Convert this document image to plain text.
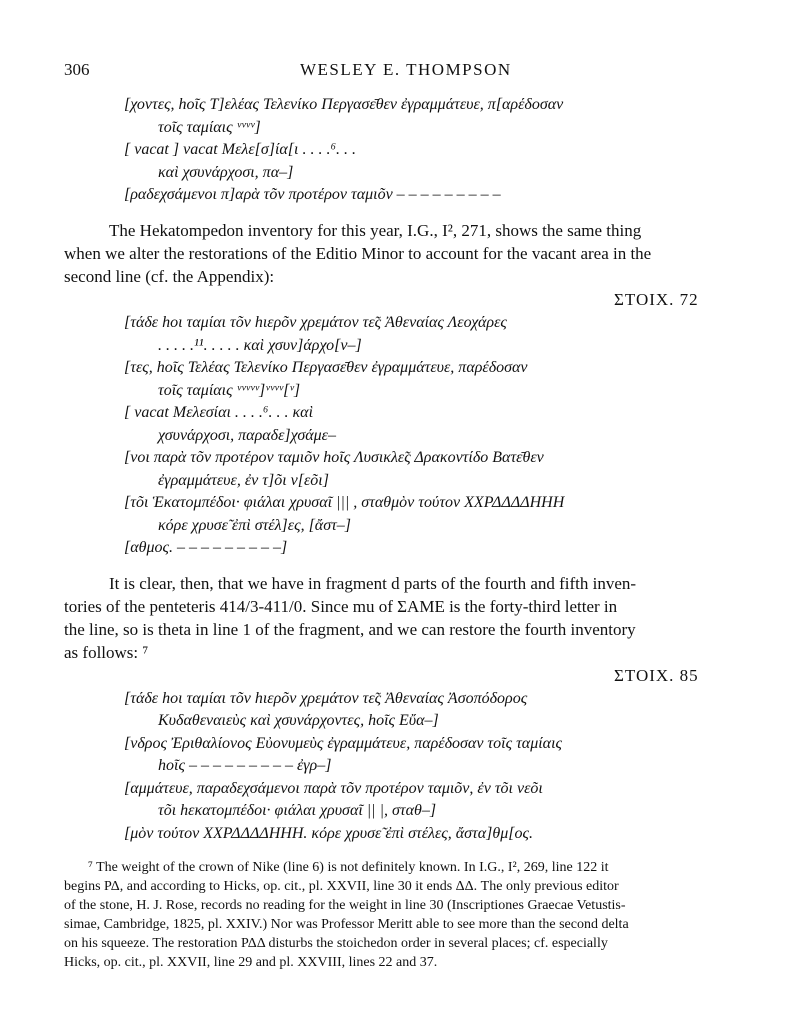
306	WESLEY E. THOMPSON
[χοντες, hοῖς Τ]ελέας Τελενίκο Περγασε̄θεν ἐγραμμάτευε, π[αρέδοσαν
τοῖς ταμίαις ᵛᵛᵛᵛ]
[ vacat ] vacat Μελε[σ]ία[ι . . . .⁶. . .
καὶ χσυνάρχοσι, πα–]
[ραδεχσάμενοι π]αρὰ τõν προτέρον ταμιõν – – – – – – – – –
The Hekatompedon inventory for this year, I.G., I², 271, shows the same thing
when we alter the restorations of the Editio Minor to account for the vacant area in the
second line (cf. the Appendix):
ΣΤΟΙΧ. 72
[τάδε hοι ταμίαι τõν hιερõν χρεμάτον τε̃ς Ἀθεναίας Λεοχάρες
. . . . .¹¹. . . . . καὶ χσυν]άρχο[ν–]
[τες, hοῖς Τελέας Τελενίκο Περγασε̄θεν ἐγραμμάτευε, παρέδοσαν
τοῖς ταμίαις ᵛᵛᵛᵛᵛ]ᵛᵛᵛᵛ[ᵛ]
[ vacat Μελεσίαι . . . .⁶. . . καὶ
χσυνάρχοσι, παραδε]χσάμε–
[νοι παρὰ τõν προτέρον ταμιõν hοῖς Λυσικλε̃ς Δρακοντίδο Βατε̄θεν
ἐγραμμάτευε, ἐν τ]õι ν[εõι]
[τõι Ἑκατομπέδοι· φιάλαι χρυσαῖ ||| , σταθμὸν τούτον ΧΧΡΔΔΔΔΗΗΗ
κόρε χρυσε̃ ἐπὶ στέλ]ες, [ἄστ–]
[αθμος. – – – – – – – – –]
It is clear, then, that we have in fragment d parts of the fourth and fifth inven-
tories of the penteteris 414/3-411/0. Since mu of ΣΑΜΕ is the forty-third letter in
the line, so is theta in line 1 of the fragment, and we can restore the fourth inventory
as follows: ⁷
ΣΤΟΙΧ. 85
[τάδε hοι ταμίαι τõν hιερõν χρεμάτον τε̃ς Ἀθεναίας Ἀσοπόδορος
Κυδαθεναιεὺς καὶ χσυνάρχοντες, hοῖς Εὔα–]
[νδρος Ἐριθαλίονος Εὐονυμεὺς ἐγραμμάτευε, παρέδοσαν τοῖς ταμίαις
hοῖς – – – – – – – – – ἐγρ–]
[αμμάτευε, παραδεχσάμενοι παρὰ τõν προτέρον ταμιõν, ἐν τõι νεõι
τõι hεκατομπέδοι· φιάλαι χρυσαῖ || |, σταθ–]
[μὸν τούτον ΧΧΡΔΔΔΔΗΗΗ. κόρε χρυσε̃ ἐπὶ στέλες, ἄστα]θμ[ος.
⁷ The weight of the crown of Nike (line 6) is not definitely known. In I.G., I², 269, line 122 it
begins ΡΔ, and according to Hicks, op. cit., pl. XXVII, line 30 it ends ΔΔ. The only previous editor
of the stone, H. J. Rose, records no reading for the weight in line 30 (Inscriptiones Graecae Vetustis-
simae, Cambridge, 1825, pl. XXIV.) Nor was Professor Meritt able to see more than the second delta
on his squeeze. The restoration ΡΔΔ disturbs the stoichedon order in several places; cf. especially
Hicks, op. cit., pl. XXVII, line 29 and pl. XXVIII, lines 22 and 37.
